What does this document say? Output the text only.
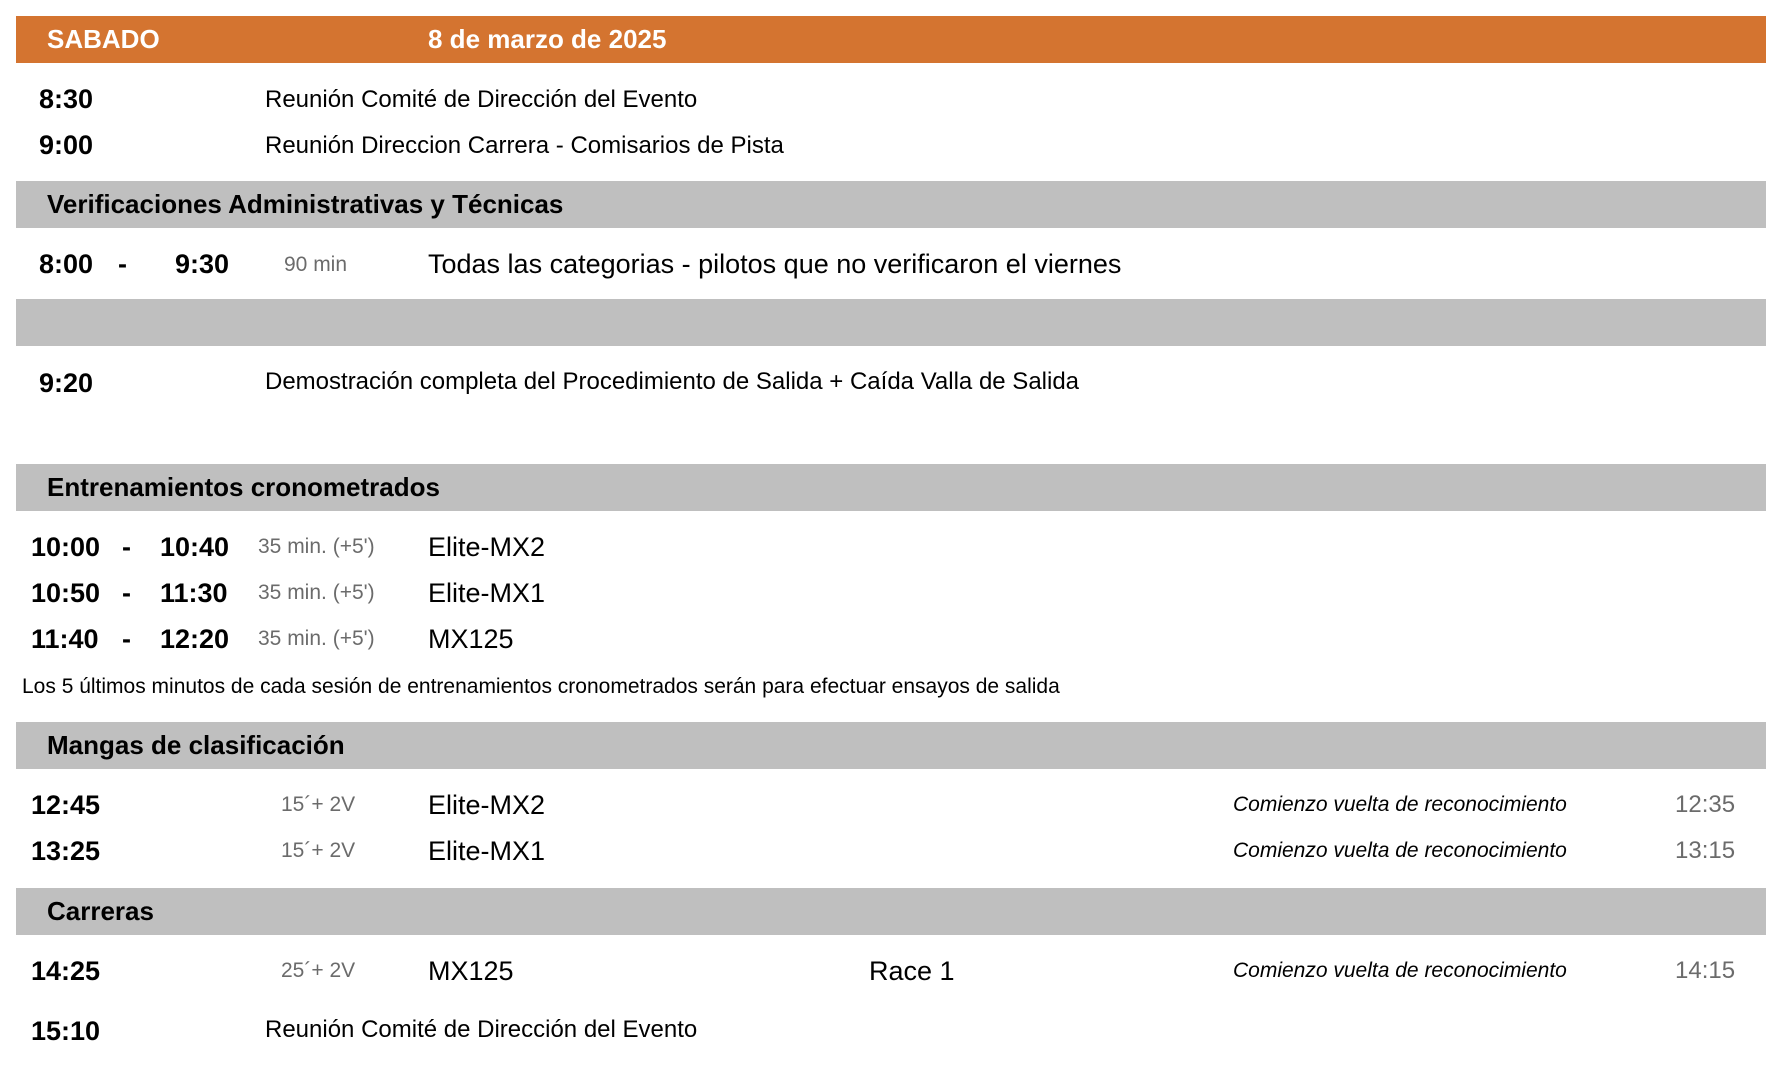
SABADO	8 de marzo de 2025
8:30	Reunión Comité de Dirección del Evento
9:00	Reunión Direccion Carrera - Comisarios de Pista
Verificaciones Administrativas y Técnicas
8:00 - 9:30	90 min	Todas las categorias - pilotos que no verificaron el viernes
9:20	Demostración completa del Procedimiento de Salida + Caída Valla de Salida
Entrenamientos cronometrados
10:00 - 10:40 35 min. (+5') Elite-MX2
10:50 - 11:30 35 min. (+5') Elite-MX1
11:40 - 12:20 35 min. (+5') MX125
Los 5 últimos minutos de cada sesión de entrenamientos cronometrados serán para efectuar ensayos de salida
Mangas de clasificación
12:45	15´+ 2V	Elite-MX2	Comienzo vuelta de reconocimiento	12:35
13:25	15´+ 2V	Elite-MX1	Comienzo vuelta de reconocimiento	13:15
Carreras
14:25	25´+ 2V	MX125	Race 1	Comienzo vuelta de reconocimiento	14:15
15:10	Reunión Comité de Dirección del Evento
